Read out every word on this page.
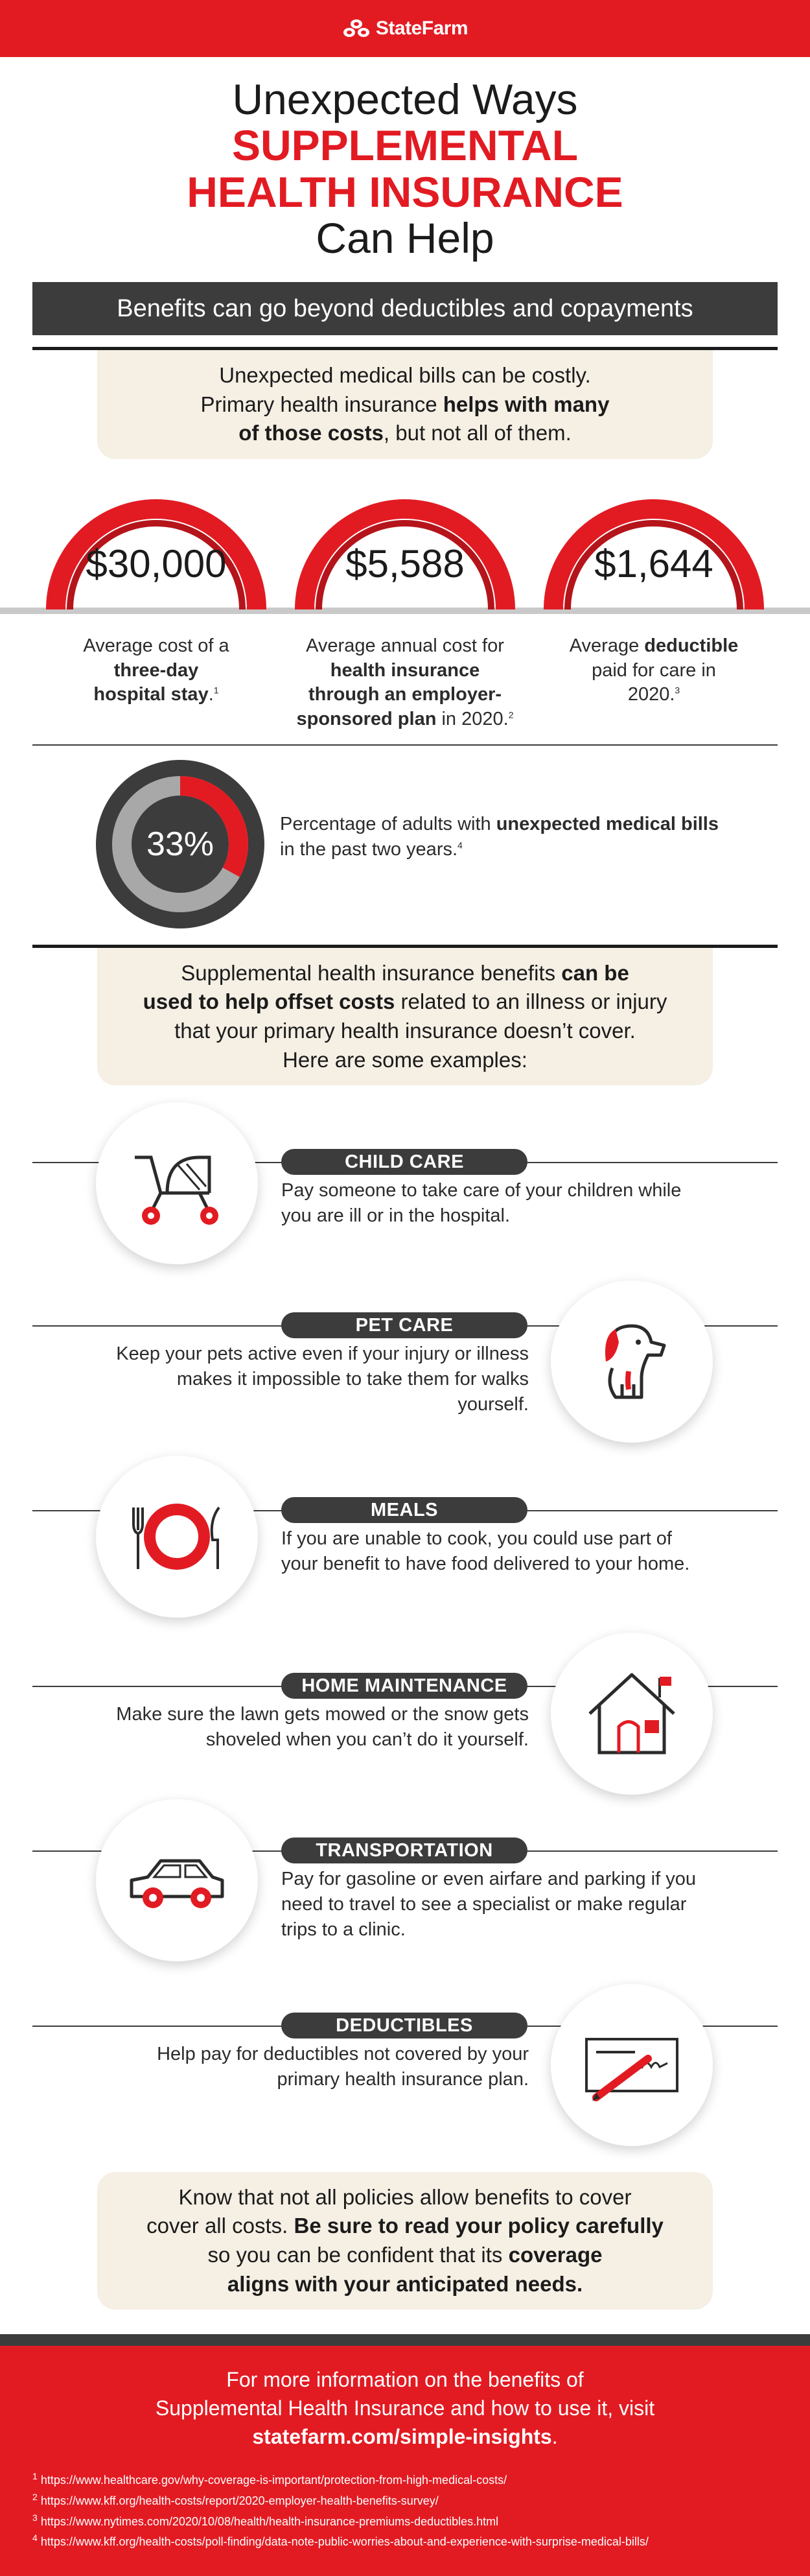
StateFarm
Unexpected Ways
SUPPLEMENTAL
HEALTH INSURANCE
Can Help
Benefits can go beyond deductibles and copayments
Unexpected medical bills can be costly.
Primary health insurance helps with many
of those costs, but not all of them.
$30,000	$5,588	$1,644
Average cost of a
three-day hospital stay.$^1$
Average annual cost for
health insurance through an employer-sponsored plan in 2020.$^2$
Average deductible
paid for care in 2020.$^3$
33%
Percentage of adults with unexpected medical bills in the past two years.$^4$
Supplemental health insurance benefits can be
used to help offset costs related to an illness or injury
that your primary health insurance doesn’t cover.
Here are some examples:
CHILD CARE
Pay someone to take care of your children while you are ill or in the hospital.
PET CARE
Keep your pets active even if your injury or illness makes it impossible to take them for walks yourself.
MEALS
If you are unable to cook, you could use part of your benefit to have food delivered to your home.
HOME MAINTENANCE
Make sure the lawn gets mowed or the snow gets shoveled when you can’t do it yourself.
TRANSPORTATION
Pay for gasoline or even airfare and parking if you need to travel to see a specialist or make regular trips to a clinic.
DEDUCTIBLES
Help pay for deductibles not covered by your primary health insurance plan.
Know that not all policies allow benefits to cover
cover all costs. Be sure to read your policy carefully
so you can be confident that its coverage
aligns with your anticipated needs.
For more information on the benefits of
Supplemental Health Insurance and how to use it, visit
statefarm.com/simple-insights.
$^1$ https://www.healthcare.gov/why-coverage-is-important/protection-from-high-medical-costs/
$^2$ https://www.kff.org/health-costs/report/2020-employer-health-benefits-survey/
$^3$ https://www.nytimes.com/2020/10/08/health/health-insurance-premiums-deductibles.html
$^4$ https://www.kff.org/health-costs/poll-finding/data-note-public-worries-about-and-experience-with-surprise-medical-bills/
